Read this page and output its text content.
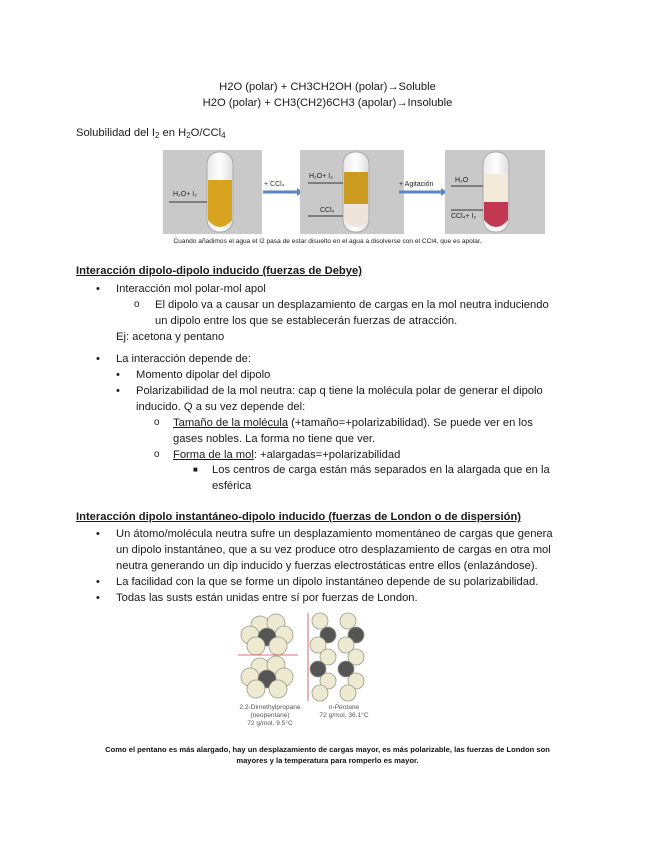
H2O (polar) + CH3CH2OH (polar)→Soluble
H2O (polar) + CH3(CH2)6CH3 (apolar)→Insoluble
Solubilidad del $I_2$ en $H_2O/CCl_4$
H₂O+ I₂
+ CCl₄
H₂O+ I₂
CCl₄
+ Agitación
H₂O
CCl₄+ I₂
Cuando añadimos el agua el I2 pasa de estar disuelto en el agua a disolverse con el CCl4, que es apolar.
Interacción dipolo-dipolo inducido (fuerzas de Debye)
• Interacción mol polar-mol apol
o El dipolo va a causar un desplazamiento de cargas en la mol neutra induciendo
un dipolo entre los que se establecerán fuerzas de atracción.
Ej: acetona y pentano
• La interacción depende de:
• Momento dipolar del dipolo
• Polarizabilidad de la mol neutra: cap q tiene la molécula polar de generar el dipolo
inducido. Q a su vez depende del:
o Tamaño de la molécula (+tamaño=+polarizabilidad). Se puede ver en los
gases nobles. La forma no tiene que ver.
o Forma de la mol: +alargadas=+polarizabilidad
■ Los centros de carga están más separados en la alargada que en la
esférica
Interacción dipolo instantáneo-dipolo inducido (fuerzas de London o de dispersión)
• Un átomo/molécula neutra sufre un desplazamiento momentáneo de cargas que genera
un dipolo instantáneo, que a su vez produce otro desplazamiento de cargas en otra mol
neutra generando un dip inducido y fuerzas electrostáticas entre ellos (enlazándose).
• La facilidad con la que se forme un dipolo instantáneo depende de su polarizabilidad.
• Todas las susts están unidas entre sí por fuerzas de London.
2,2-Dimethylpropane
(neopentane)
72 g/mol, 9.5°C
n-Pentane
72 g/mol, 36.1°C
Como el pentano es más alargado, hay un desplazamiento de cargas mayor, es más polarizable, las fuerzas de London son
mayores y la temperatura para romperlo es mayor.
